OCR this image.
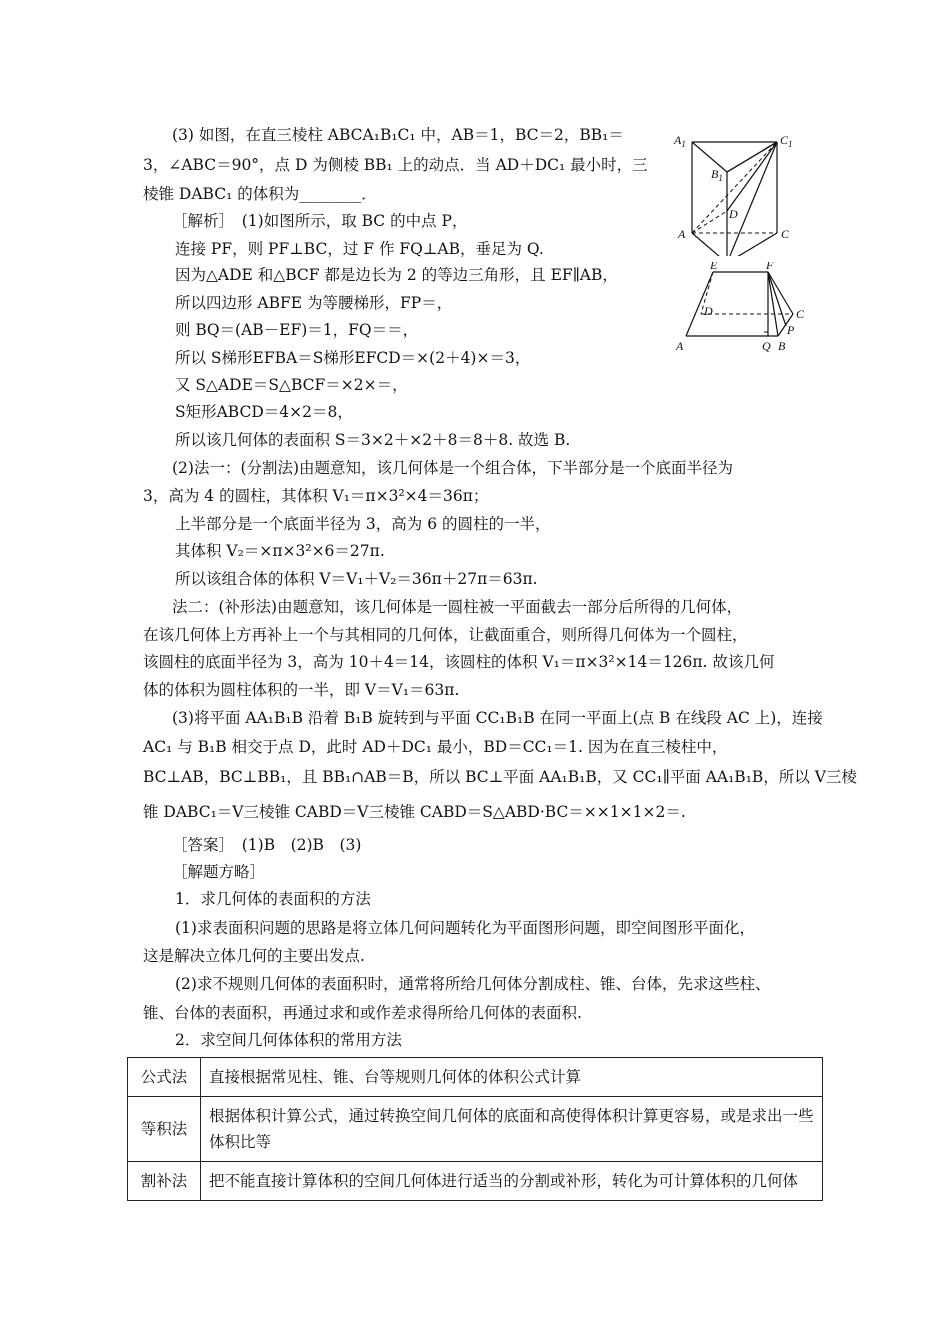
(3) 如图，在直三棱柱 ABCA₁B₁C₁ 中，AB＝1，BC＝2，BB₁＝
3，∠ABC＝90°，点 D 为侧棱 BB₁ 上的动点．当 AD＋DC₁ 最小时，三
棱锥 DABC₁ 的体积为________．
$A_1$	$C_1$
$B_1$
D
A	C
E	F
D	C
P
A	Q B
［解析］　(1)如图所示，取 BC 的中点 P，
连接 PF，则 PF⊥BC，过 F 作 FQ⊥AB，垂足为 Q.
因为△ADE 和△BCF 都是边长为 2 的等边三角形，且 EF∥AB，
所以四边形 ABFE 为等腰梯形，FP＝，
则 BQ＝(AB－EF)＝1，FQ＝＝，
所以 S梯形EFBA＝S梯形EFCD＝×(2＋4)×＝3，
又 S△ADE＝S△BCF＝×2×＝，
S矩形ABCD＝4×2＝8，
所以该几何体的表面积 S＝3×2＋×2＋8＝8＋8. 故选 B.
(2)法一：(分割法)由题意知，该几何体是一个组合体，下半部分是一个底面半径为
3，高为 4 的圆柱，其体积 V₁＝π×3²×4＝36π；
上半部分是一个底面半径为 3，高为 6 的圆柱的一半，
其体积 V₂＝×π×3²×6＝27π.
所以该组合体的体积 V＝V₁＋V₂＝36π＋27π＝63π.
法二：(补形法)由题意知，该几何体是一圆柱被一平面截去一部分后所得的几何体，
在该几何体上方再补上一个与其相同的几何体，让截面重合，则所得几何体为一个圆柱，
该圆柱的底面半径为 3，高为 10＋4＝14，该圆柱的体积 V₁＝π×3²×14＝126π. 故该几何
体的体积为圆柱体积的一半，即 V＝V₁＝63π.
(3)将平面 AA₁B₁B 沿着 B₁B 旋转到与平面 CC₁B₁B 在同一平面上(点 B 在线段 AC 上)，连接
AC₁ 与 B₁B 相交于点 D，此时 AD＋DC₁ 最小，BD＝CC₁＝1. 因为在直三棱柱中，
BC⊥AB，BC⊥BB₁，且 BB₁∩AB＝B，所以 BC⊥平面 AA₁B₁B，又 CC₁∥平面 AA₁B₁B，所以 V三棱
锥 DABC₁＝V三棱锥 CABD＝V三棱锥 CABD＝S△ABD·BC＝××1×1×2＝.
［答案］　(1)B　(2)B　(3)
［解题方略］
1．求几何体的表面积的方法
(1)求表面积问题的思路是将立体几何问题转化为平面图形问题，即空间图形平面化，
这是解决立体几何的主要出发点.
(2)求不规则几何体的表面积时，通常将所给几何体分割成柱、锥、台体，先求这些柱、
锥、台体的表面积，再通过求和或作差求得所给几何体的表面积.
2．求空间几何体体积的常用方法
公式法	直接根据常见柱、锥、台等规则几何体的体积公式计算
等积法	根据体积计算公式，通过转换空间几何体的底面和高使得体积计算更容易，或是求出一些体积比等
割补法	把不能直接计算体积的空间几何体进行适当的分割或补形，转化为可计算体积的几何体
